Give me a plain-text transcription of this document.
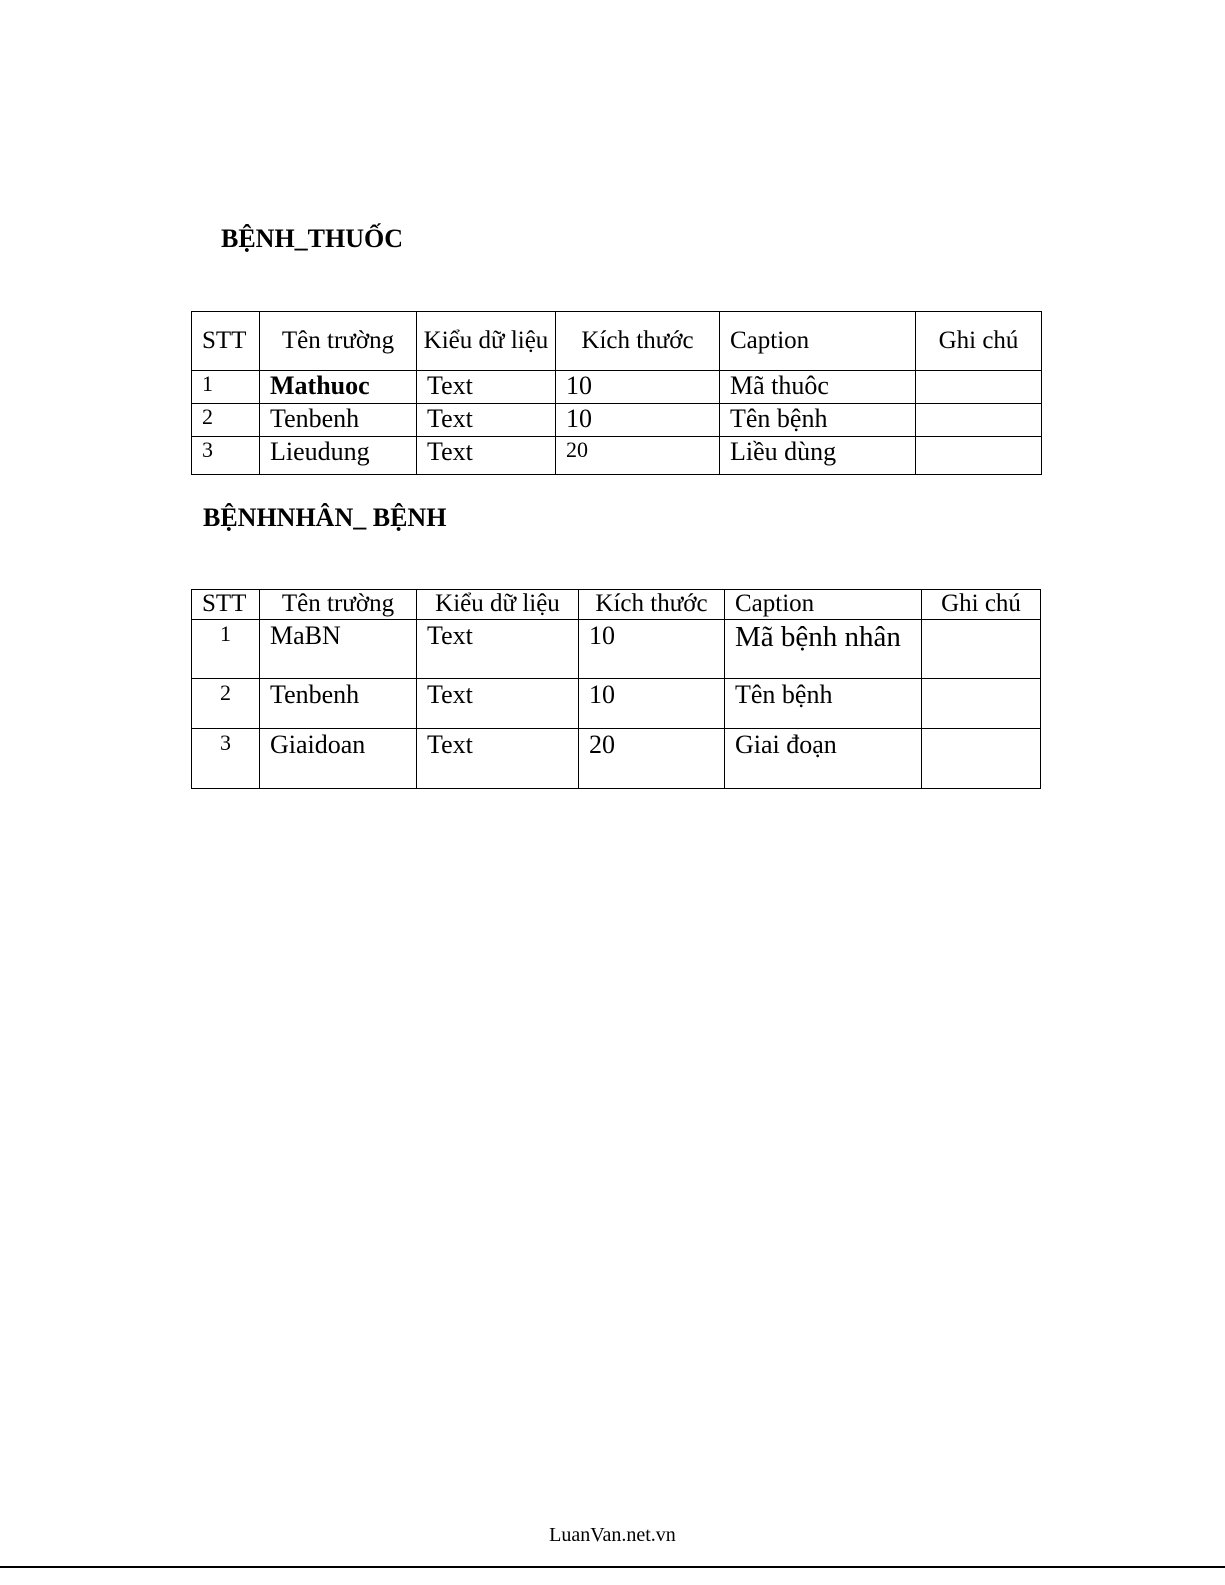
BỆNH_THUỐC
STT	Tên trường	Kiểu dữ liệu	Kích thước	Caption	Ghi chú
1	Mathuoc	Text	10	Mã thuôc	
2	Tenbenh	Text	10	Tên bệnh	
3	Lieudung	Text	20	Liều dùng	
BỆNHNHÂN_ BỆNH
STT	Tên trường	Kiểu dữ liệu	Kích thước	Caption	Ghi chú
1	MaBN	Text	10	Mã bệnh nhân	
2	Tenbenh	Text	10	Tên bệnh	
3	Giaidoan	Text	20	Giai đoạn	

LuanVan.net.vn
